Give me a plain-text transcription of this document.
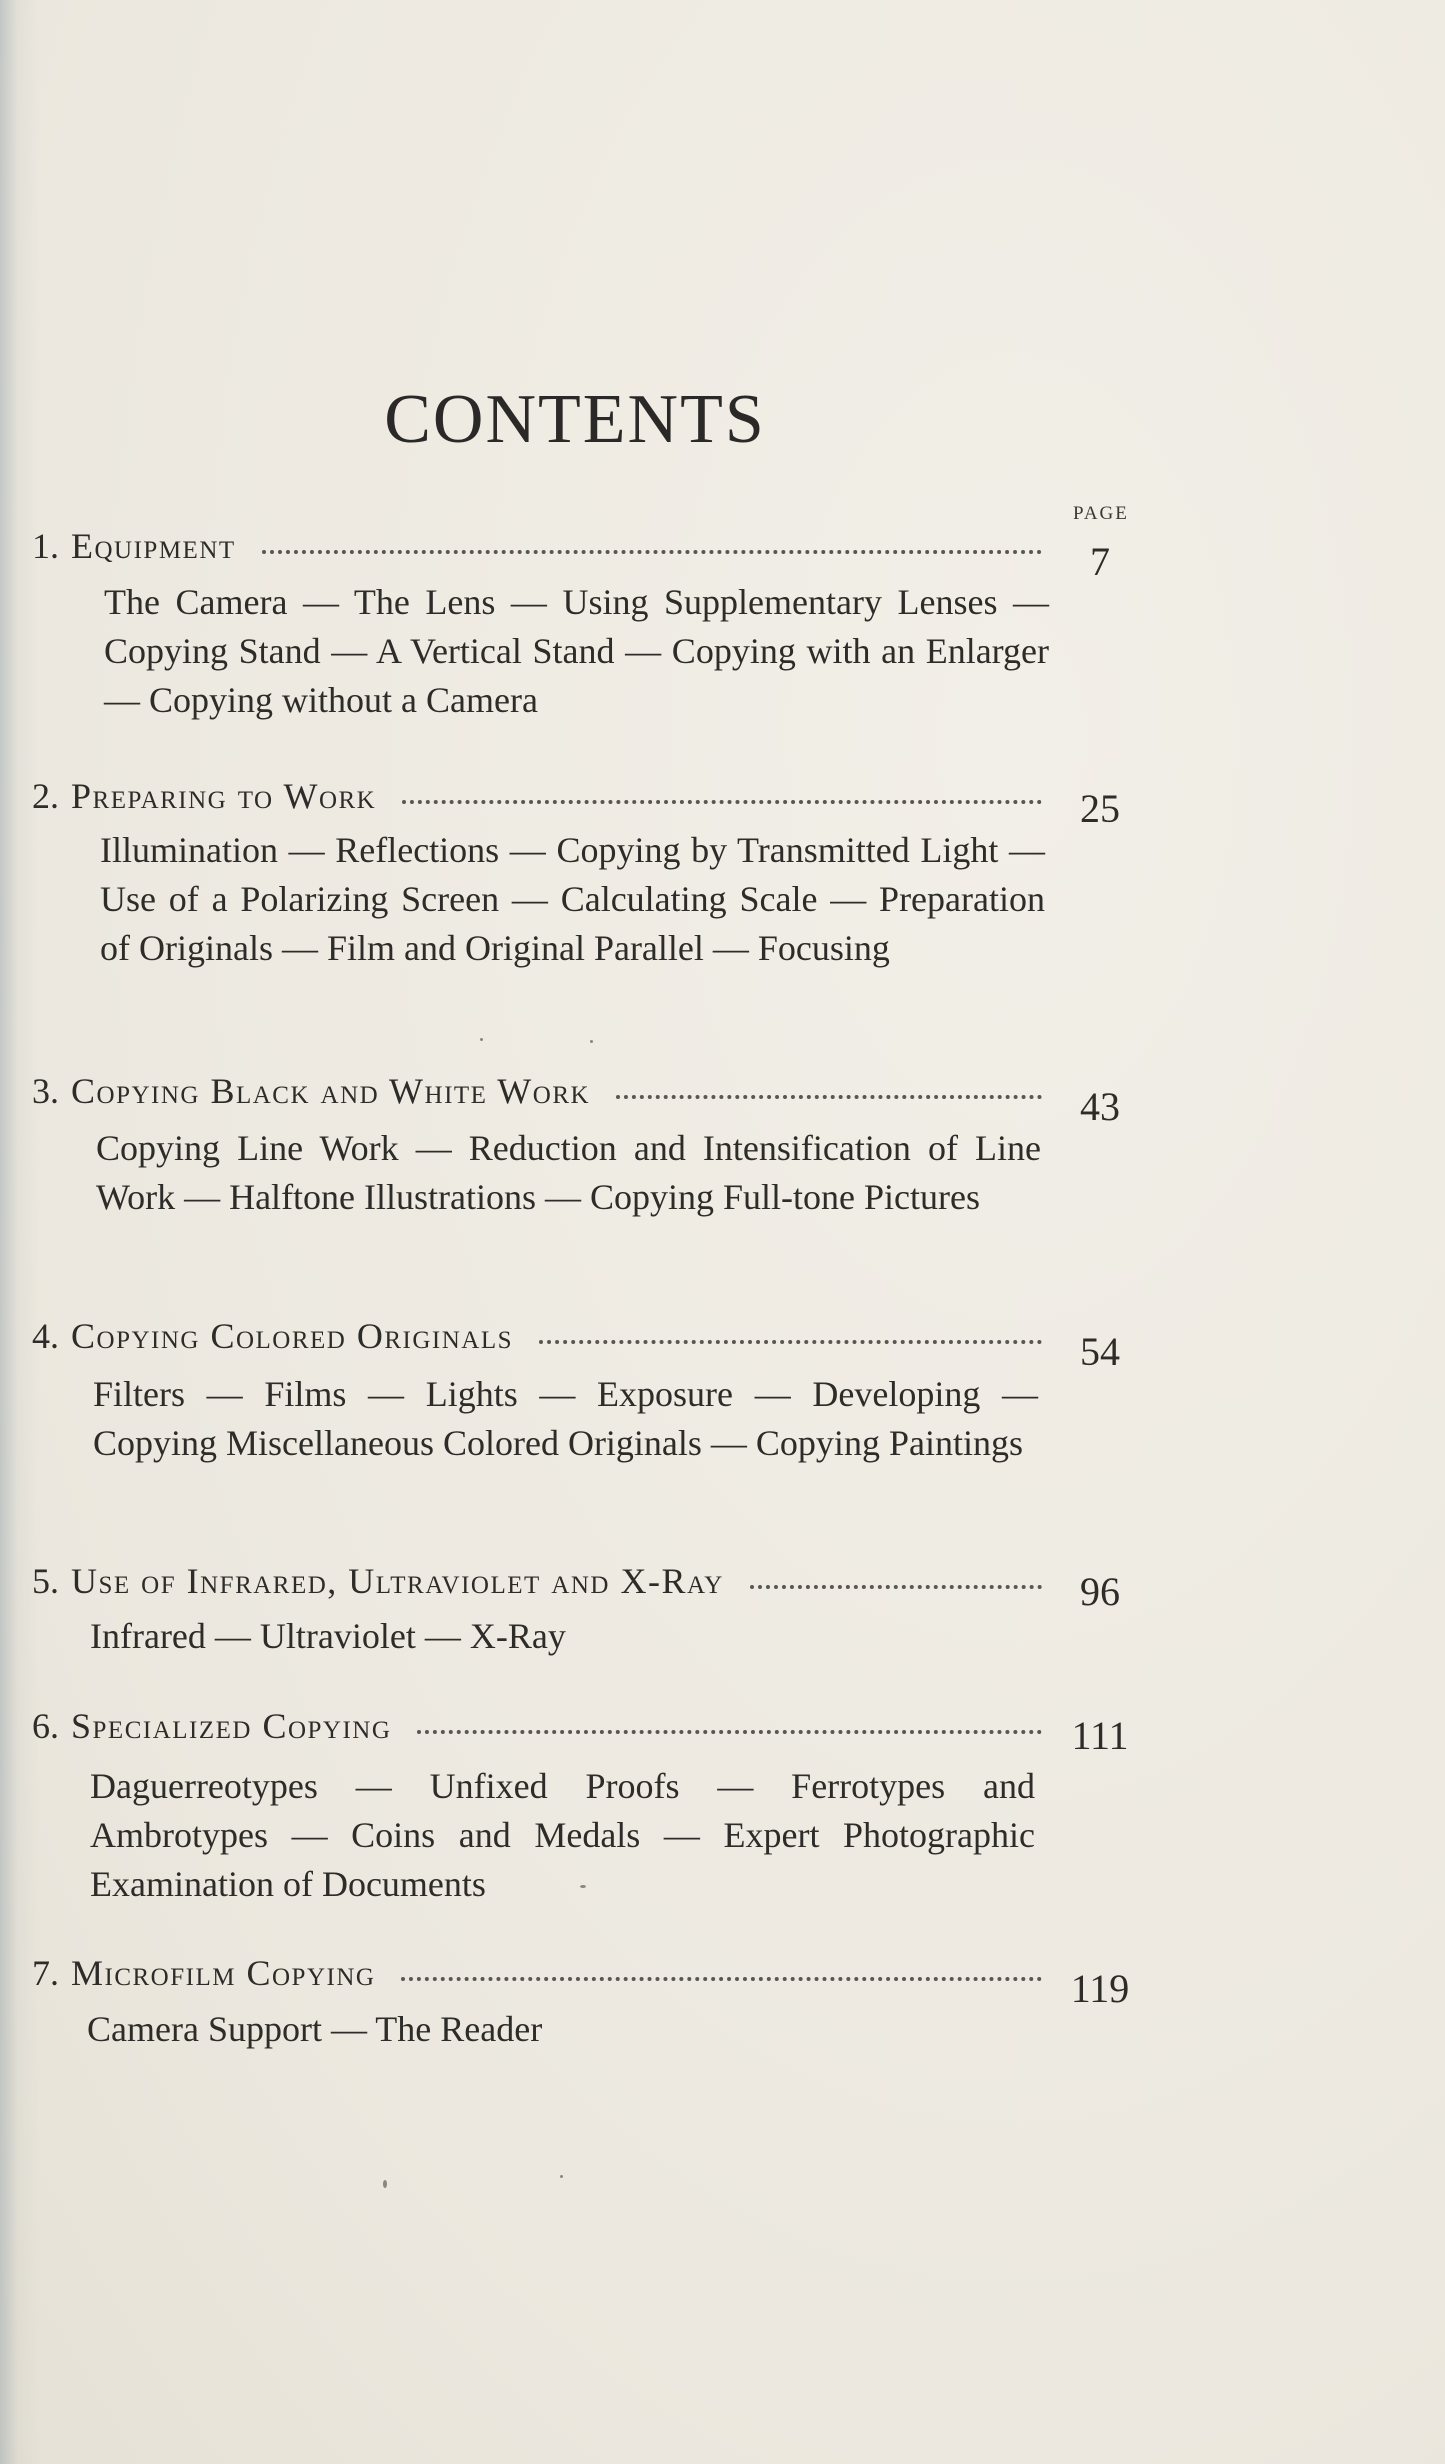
CONTENTS
PAGE
1. Equipment	7
The Camera — The Lens — Using Supplementary Lenses — Copying Stand — A Vertical Stand — Copying with an Enlarger — Copying without a Camera
2. Preparing to Work	25
Illumination — Reflections — Copying by Transmitted Light — Use of a Polarizing Screen — Calculating Scale — Preparation of Originals — Film and Original Parallel — Focusing
3. Copying Black and White Work	43
Copying Line Work — Reduction and Intensification of Line Work — Halftone Illustrations — Copying Full-tone Pictures
4. Copying Colored Originals	54
Filters — Films — Lights — Exposure — Developing — Copying Miscellaneous Colored Originals — Copying Paintings
5. Use of Infrared, Ultraviolet and X-Ray	96
Infrared — Ultraviolet — X-Ray
6. Specialized Copying	111
Daguerreotypes — Unfixed Proofs — Ferrotypes and Ambrotypes — Coins and Medals — Expert Photographic Examination of Documents
7. Microfilm Copying	119
Camera Support — The Reader
